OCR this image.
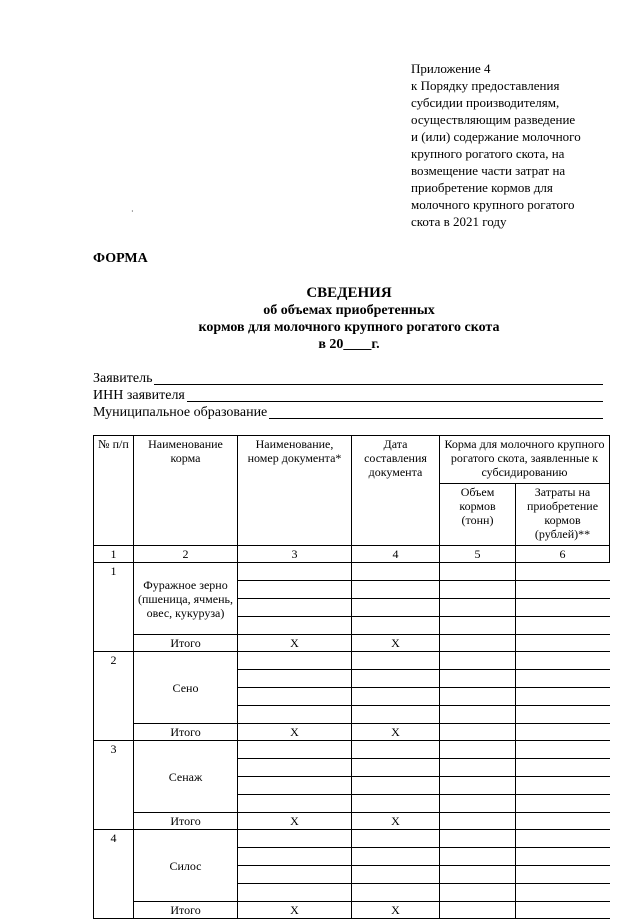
Приложение 4
к Порядку предоставления
субсидии производителям,
осуществляющим разведение
и (или) содержание молочного
крупного рогатого скота, на
возмещение части затрат на
приобретение кормов для
молочного крупного рогатого
скота в 2021 году
·
ФОРМА
СВЕДЕНИЯ
об объемах приобретенных
кормов для молочного крупного рогатого скота
в 20____г.
Заявитель
ИНН заявителя
Муниципальное образование
№ п/п	Наименование корма	Наименование, номер документа*	Дата составления документа	Корма для молочного крупного рогатого скота, заявленные к субсидированию	
				Объем кормов (тонн)	Затраты на приобретение кормов (рублей)**
1	2	3	4	5	6
1	Фуражное зерно (пшеница, ячмень, овес, кукуруза)				

	Итого	X	X		
2	Сено				

	Итого	X	X		
3	Сенаж				

	Итого	X	X		
4	Силос				

	Итого	X	X		
